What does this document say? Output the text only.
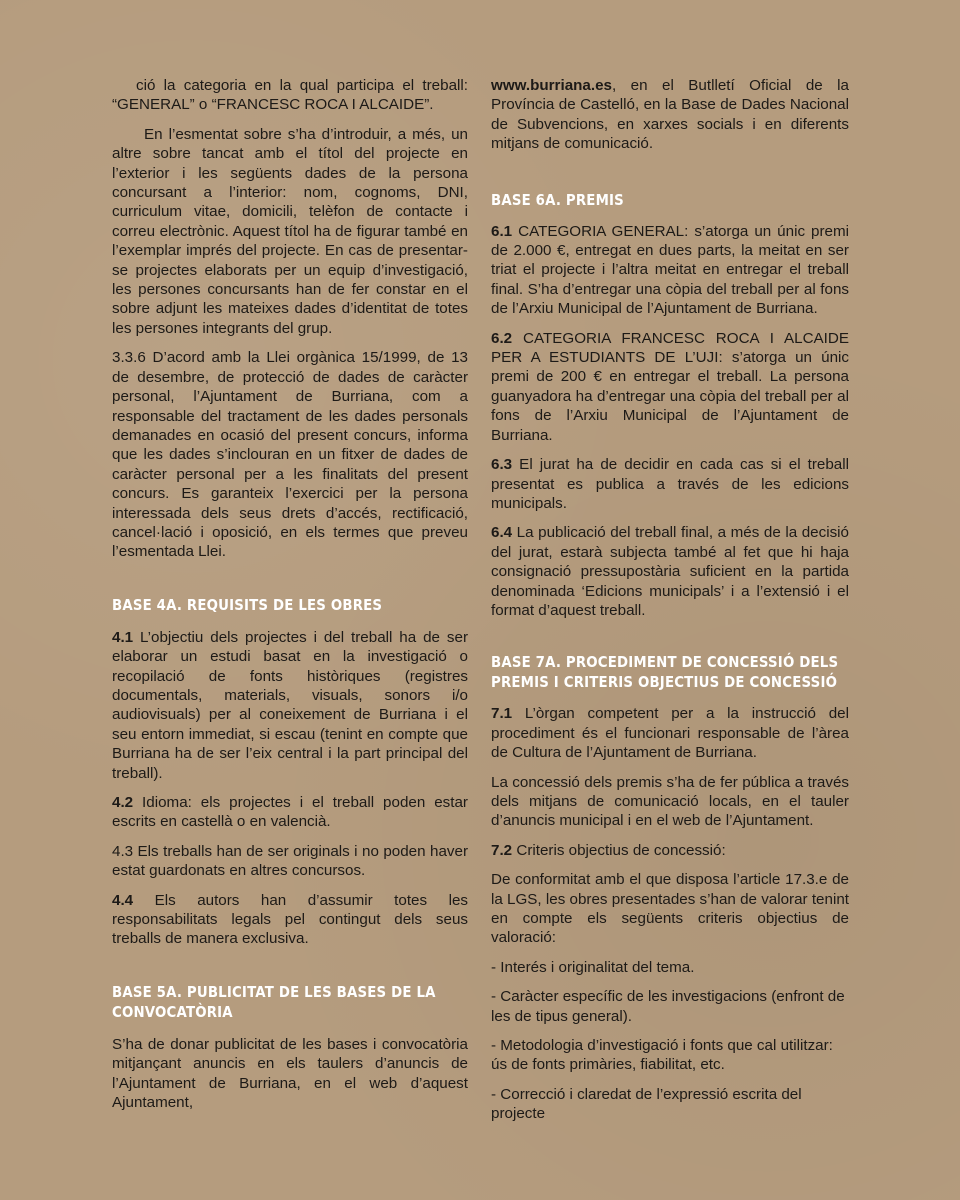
ció la categoria en la qual participa el treball: “GENERAL” o “FRANCESC ROCA I ALCAIDE”.

En l’esmentat sobre s’ha d’introduir, a més, un altre sobre tancat amb el títol del projecte en l’exterior i les següents dades de la persona concursant a l’interior: nom, cognoms, DNI, curriculum vitae, domicili, telèfon de contacte i correu electrònic. Aquest títol ha de figurar també en l’exemplar imprés del projecte. En cas de presentar-se projectes elaborats per un equip d’investigació, les persones concursants han de fer constar en el sobre adjunt les mateixes dades d’identitat de totes les persones integrants del grup.

3.3.6 D’acord amb la Llei orgànica 15/1999, de 13 de desembre, de protecció de dades de caràcter personal, l’Ajuntament de Burriana, com a responsable del tractament de les dades personals demanades en ocasió del present concurs, informa que les dades s’inclouran en un fitxer de dades de caràcter personal per a les finalitats del present concurs. Es garanteix l’exercici per la persona interessada dels seus drets d’accés, rectificació, cancel·lació i oposició, en els termes que preveu l’esmentada Llei.

BASE 4A. REQUISITS DE LES OBRES

4.1 L’objectiu dels projectes i del treball ha de ser elaborar un estudi basat en la investigació o recopilació de fonts històriques (registres documentals, materials, visuals, sonors i/o audiovisuals) per al coneixement de Burriana i el seu entorn immediat, si escau (tenint en compte que Burriana ha de ser l’eix central i la part principal del treball).

4.2 Idioma: els projectes i el treball poden estar escrits en castellà o en valencià.

4.3 Els treballs han de ser originals i no poden haver estat guardonats en altres concursos.

4.4 Els autors han d’assumir totes les responsabilitats legals pel contingut dels seus treballs de manera exclusiva.

BASE 5A. PUBLICITAT DE LES BASES DE LA CONVOCATÒRIA

S’ha de donar publicitat de les bases i convocatòria mitjançant anuncis en els taulers d’anuncis de l’Ajuntament de Burriana, en el web d’aquest Ajuntament,

www.burriana.es, en el Butlletí Oficial de la Província de Castelló, en la Base de Dades Nacional de Subvencions, en xarxes socials i en diferents mitjans de comunicació.

BASE 6A. PREMIS

6.1 CATEGORIA GENERAL: s’atorga un únic premi de 2.000 €, entregat en dues parts, la meitat en ser triat el projecte i l’altra meitat en entregar el treball final. S’ha d’entregar una còpia del treball per al fons de l’Arxiu Municipal de l’Ajuntament de Burriana.

6.2 CATEGORIA FRANCESC ROCA I ALCAIDE PER A ESTUDIANTS DE L’UJI: s’atorga un únic premi de 200 € en entregar el treball. La persona guanyadora ha d’entregar una còpia del treball per al fons de l’Arxiu Municipal de l’Ajuntament de Burriana.

6.3 El jurat ha de decidir en cada cas si el treball presentat es publica a través de les edicions municipals.

6.4 La publicació del treball final, a més de la decisió del jurat, estarà subjecta també al fet que hi haja consignació pressupostària suficient en la partida denominada ‘Edicions municipals’ i a l’extensió i el format d’aquest treball.

BASE 7A. PROCEDIMENT DE CONCESSIÓ DELS PREMIS I CRITERIS OBJECTIUS DE CONCESSIÓ

7.1 L’òrgan competent per a la instrucció del procediment és el funcionari responsable de l’àrea de Cultura de l’Ajuntament de Burriana.

La concessió dels premis s’ha de fer pública a través dels mitjans de comunicació locals, en el tauler d’anuncis municipal i en el web de l’Ajuntament.

7.2 Criteris objectius de concessió:

De conformitat amb el que disposa l’article 17.3.e de la LGS, les obres presentades s’han de valorar tenint en compte els següents criteris objectius de valoració:

- Interés i originalitat del tema.

- Caràcter específic de les investigacions (enfront de les de tipus general).

- Metodologia d’investigació i fonts que cal utilitzar: ús de fonts primàries, fiabilitat, etc.

- Correcció i claredat de l’expressió escrita del projecte
